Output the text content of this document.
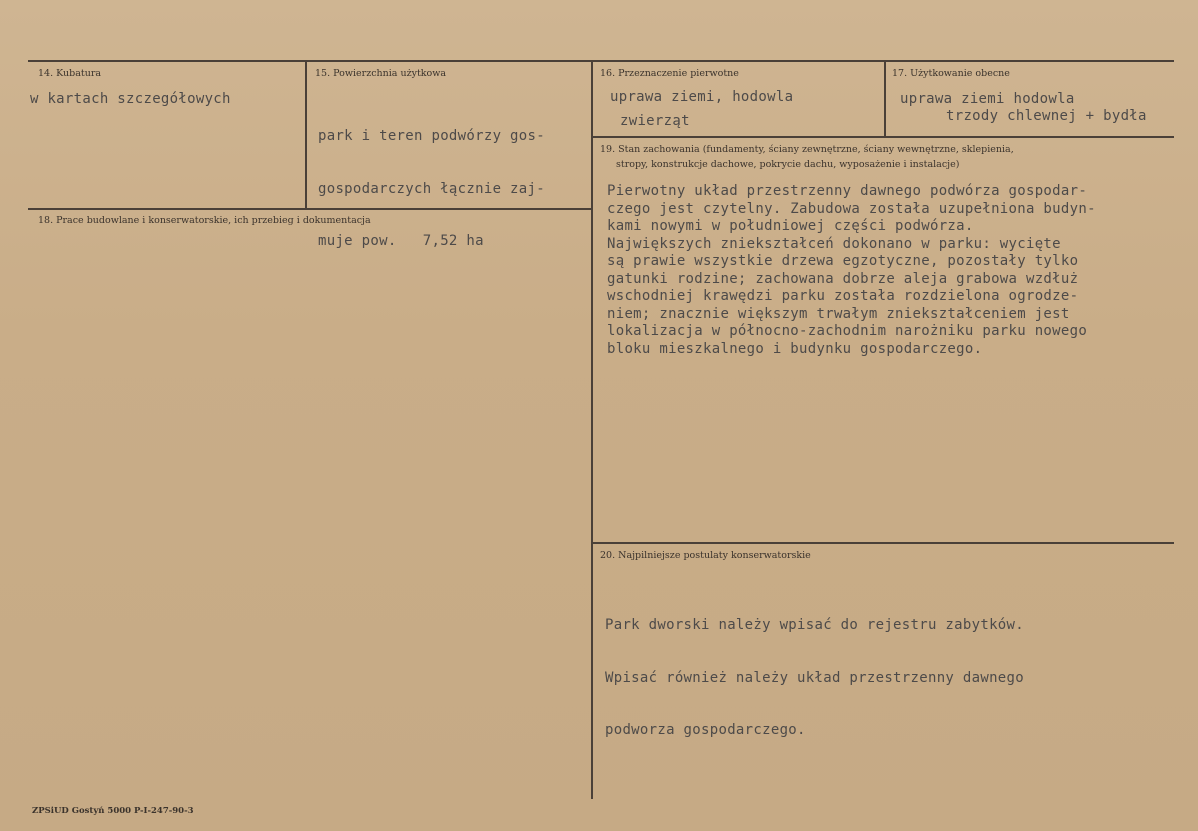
14. Kubatura
w kartach szczegółowych
15. Powierzchnia użytkowa

park i teren podwórzy gos-

gospodarczych łącznie zaj-

muje pow.   7,52 ha

16. Przeznaczenie pierwotne
uprawa ziemi, hodowla
zwierząt
17. Użytkowanie obecne
uprawa ziemi hodowla
trzody chlewnej + bydła
18. Prace budowlane i konserwatorskie, ich przebieg i dokumentacja
19. Stan zachowania (fundamenty, ściany zewnętrzne, ściany wewnętrzne, sklepienia,
stropy, konstrukcje dachowe, pokrycie dachu, wyposażenie i instalacje)
Pierwotny układ przestrzenny dawnego podwórza gospodar-
czego jest czytelny. Zabudowa została uzupełniona budyn-
kami nowymi w południowej części podwórza.
Największych zniekształceń dokonano w parku: wycięte
są prawie wszystkie drzewa egzotyczne, pozostały tylko
gatunki rodzine; zachowana dobrze aleja grabowa wzdłuż
wschodniej krawędzi parku została rozdzielona ogrodze-
niem; znacznie większym trwałym zniekształceniem jest
lokalizacja w północno-zachodnim narożniku parku nowego
bloku mieszkalnego i budynku gospodarczego.
20. Najpilniejsze postulaty konserwatorskie

Park dworski należy wpisać do rejestru zabytków.

Wpisać również należy układ przestrzenny dawnego

podworza gospodarczego.

ZPSiUD Gostyń 5000 P-I-247-90-3
